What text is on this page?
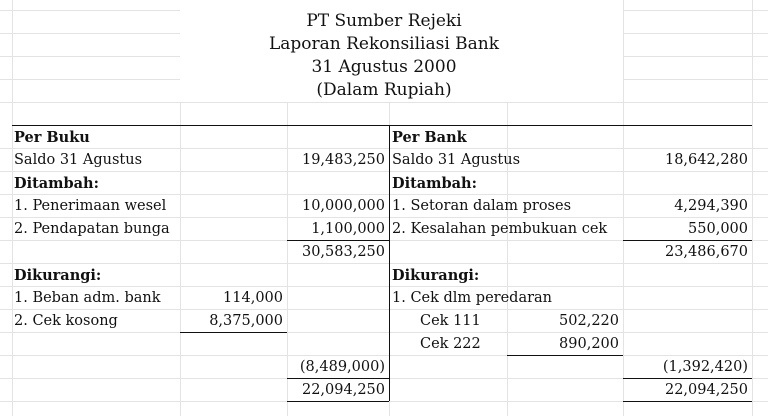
PT Sumber Rejeki
Laporan Rekonsiliasi Bank
31 Agustus 2000
(Dalam Rupiah)
Per Buku
Saldo 31 Agustus	19,483,250
Ditambah:
1. Penerimaan wesel	10,000,000
2. Pendapatan bunga	1,100,000
30,583,250
Dikurangi:
1. Beban adm. bank	114,000
2. Cek kosong	8,375,000
(8,489,000)
22,094,250
Per Bank
Saldo 31 Agustus	18,642,280
Ditambah:
1. Setoran dalam proses	4,294,390
2. Kesalahan pembukuan cek	550,000
23,486,670
Dikurangi:
1. Cek dlm peredaran
Cek 111	502,220
Cek 222	890,200
(1,392,420)
22,094,250
